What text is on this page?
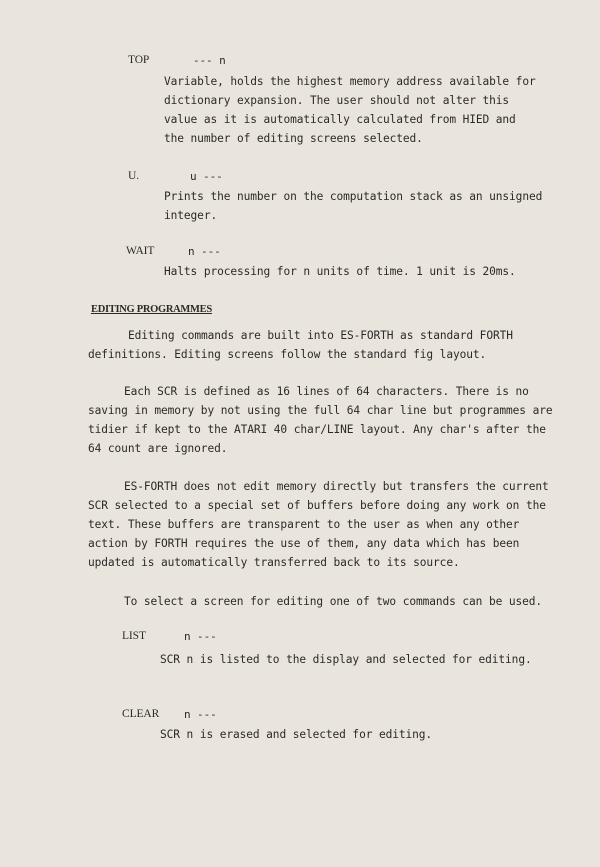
TOP	--- n
Variable, holds the highest memory address available for
dictionary expansion. The user should not alter this
value as it is automatically calculated from HIED and
the number of editing screens selected.
U.	u ---
Prints the number on the computation stack as an unsigned
integer.
WAIT	n ---
Halts processing for n units of time. 1 unit is 20ms.
EDITING PROGRAMMES
Editing commands are built into ES-FORTH as standard FORTH
definitions. Editing screens follow the standard fig layout.
Each SCR is defined as 16 lines of 64 characters. There is no
saving in memory by not using the full 64 char line but programmes are
tidier if kept to the ATARI 40 char/LINE layout. Any char's after the
64 count are ignored.
ES-FORTH does not edit memory directly but transfers the current
SCR selected to a special set of buffers before doing any work on the
text. These buffers are transparent to the user as when any other
action by FORTH requires the use of them, any data which has been
updated is automatically transferred back to its source.
To select a screen for editing one of two commands can be used.
LIST	n ---
SCR n is listed to the display and selected for editing.
CLEAR n ---
SCR n is erased and selected for editing.
